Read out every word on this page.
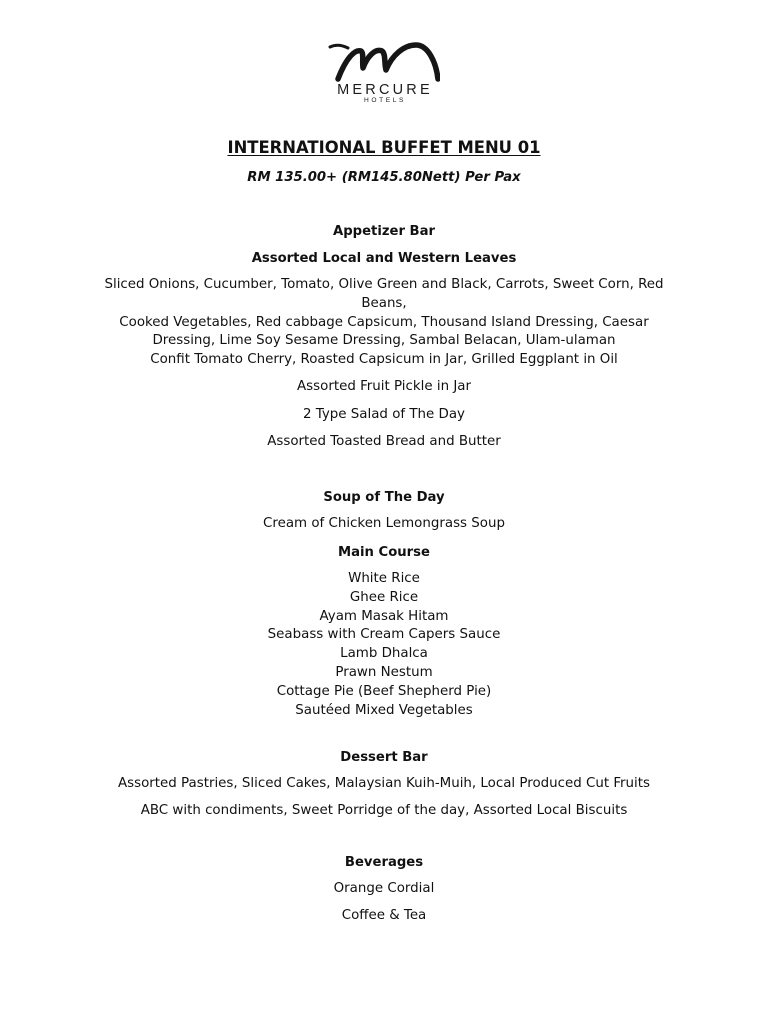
MERCURE
HOTELS
INTERNATIONAL BUFFET MENU 01
RM 135.00+ (RM145.80Nett) Per Pax
Appetizer Bar
Assorted Local and Western Leaves
Sliced Onions, Cucumber, Tomato, Olive Green and Black, Carrots, Sweet Corn, Red Beans,
Cooked Vegetables, Red cabbage Capsicum, Thousand Island Dressing, Caesar Dressing, Lime Soy Sesame Dressing, Sambal Belacan, Ulam-ulaman
Confit Tomato Cherry, Roasted Capsicum in Jar, Grilled Eggplant in Oil
Assorted Fruit Pickle in Jar
2 Type Salad of The Day
Assorted Toasted Bread and Butter
Soup of The Day
Cream of Chicken Lemongrass Soup
Main Course
White Rice
Ghee Rice
Ayam Masak Hitam
Seabass with Cream Capers Sauce
Lamb Dhalca
Prawn Nestum
Cottage Pie (Beef Shepherd Pie)
Sautéed Mixed Vegetables
Dessert Bar
Assorted Pastries, Sliced Cakes, Malaysian Kuih-Muih, Local Produced Cut Fruits
ABC with condiments, Sweet Porridge of the day, Assorted Local Biscuits
Beverages
Orange Cordial
Coffee & Tea
